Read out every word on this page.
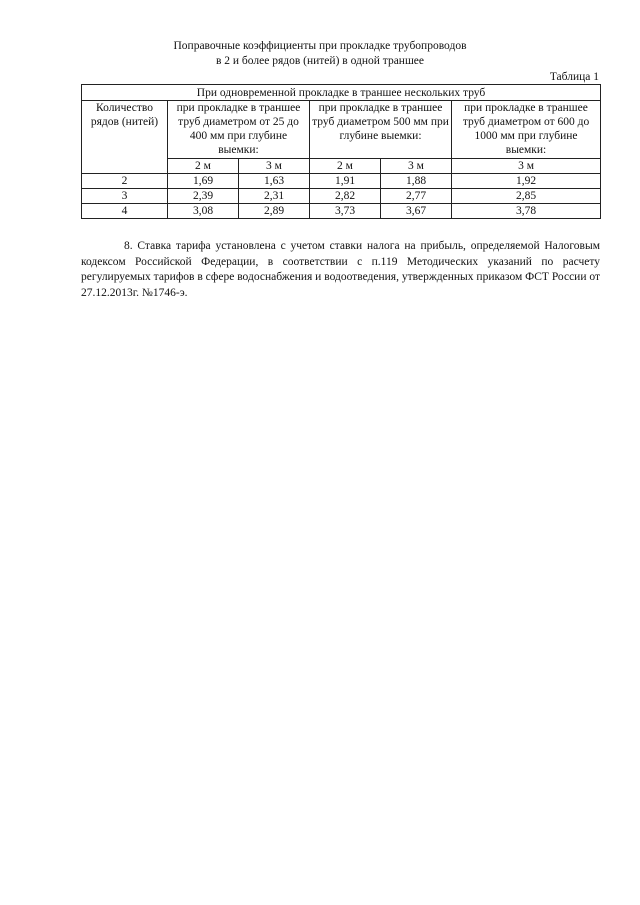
Поправочные коэффициенты при прокладке трубопроводов
в 2 и более рядов (нитей) в одной траншее
Таблица 1
При одновременной прокладке в траншее нескольких труб					
Количество рядов (нитей)	при прокладке в траншее труб диаметром от 25 до 400 мм при глубине выемки:		при прокладке в траншее труб диаметром 500 мм при глубине выемки:		при прокладке в траншее труб диаметром от 600 до 1000 мм при глубине выемки:
	2 м	3 м	2 м	3 м	3 м
2	1,69	1,63	1,91	1,88	1,92
3	2,39	2,31	2,82	2,77	2,85
4	3,08	2,89	3,73	3,67	3,78
8. Ставка тарифа установлена с учетом ставки налога на прибыль, определяемой Налоговым кодексом Российской Федерации, в соответствии с п.119 Методических указаний по расчету регулируемых тарифов в сфере водоснабжения и водоотведения, утвержденных приказом ФСТ России от 27.12.2013г. №1746-э.
